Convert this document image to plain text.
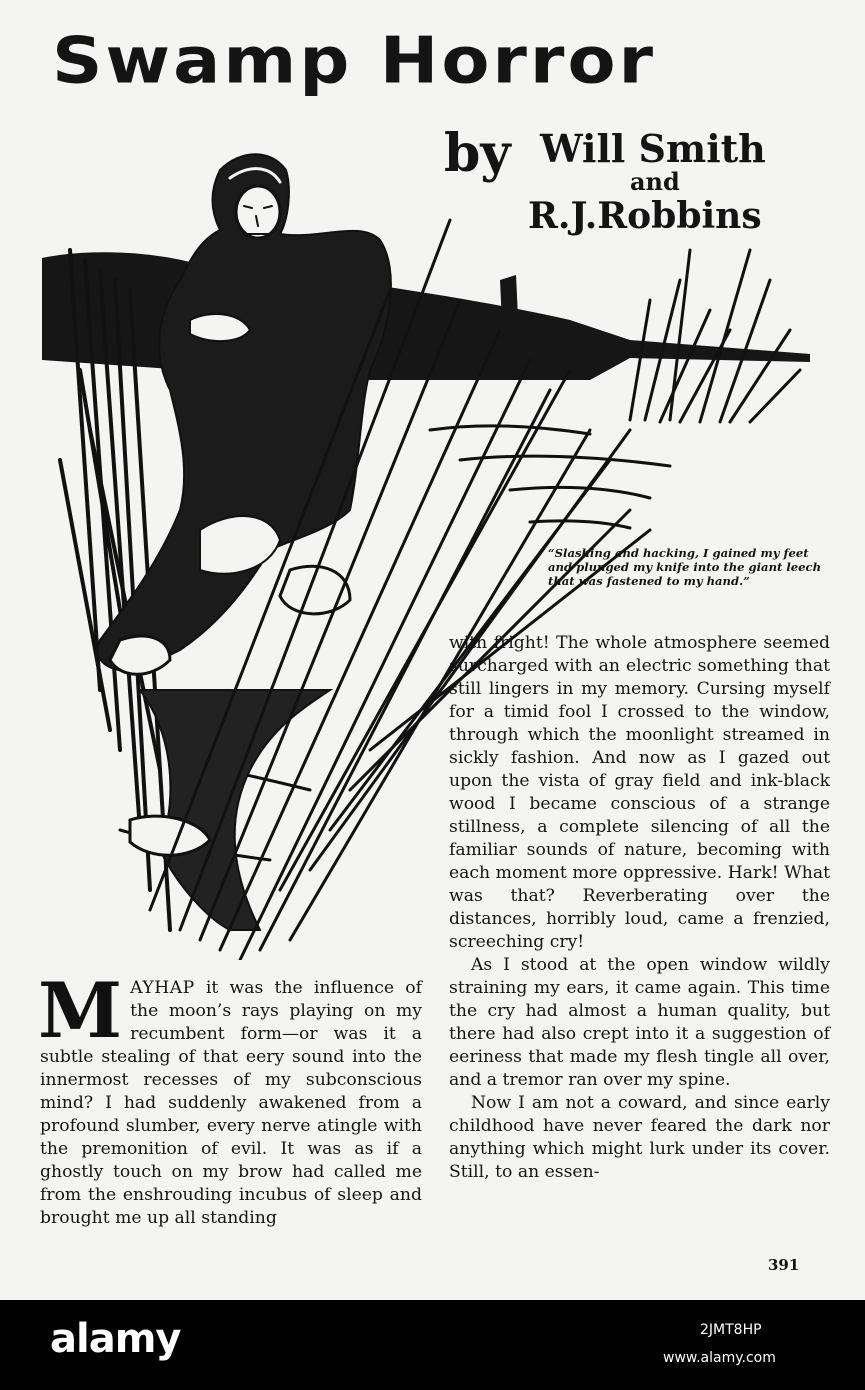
Swamp Horror
by Will Smith
and
R.J.Robbins
“Slashing and hacking, I gained my feet and plunged my knife into the giant leech that was fastened to my hand.”

MAYHAP it was the influence of the moon’s rays playing on my recumbent form—or was it a subtle stealing of that eery sound into the innermost recesses of my subconscious mind? I had suddenly awakened from a profound slumber, every nerve atingle with the premonition of evil. It was as if a ghostly touch on my brow had called me from the enshrouding incubus of sleep and brought me up all standing

with fright! The whole atmosphere seemed surcharged with an electric something that still lingers in my memory. Cursing myself for a timid fool I crossed to the window, through which the moonlight streamed in sickly fashion. And now as I gazed out upon the vista of gray field and ink-black wood I became conscious of a strange stillness, a complete silencing of all the familiar sounds of nature, becoming with each moment more oppressive. Hark! What was that? Reverberating over the distances, horribly loud, came a frenzied, screeching cry!

As I stood at the open window wildly straining my ears, it came again. This time the cry had almost a human quality, but there had also crept into it a suggestion of eeriness that made my flesh tingle all over, and a tremor ran over my spine.

Now I am not a coward, and since early childhood have never feared the dark nor anything which might lurk under its cover. Still, to an essen-

391
alamy	2JMT8HP
www.alamy.com
